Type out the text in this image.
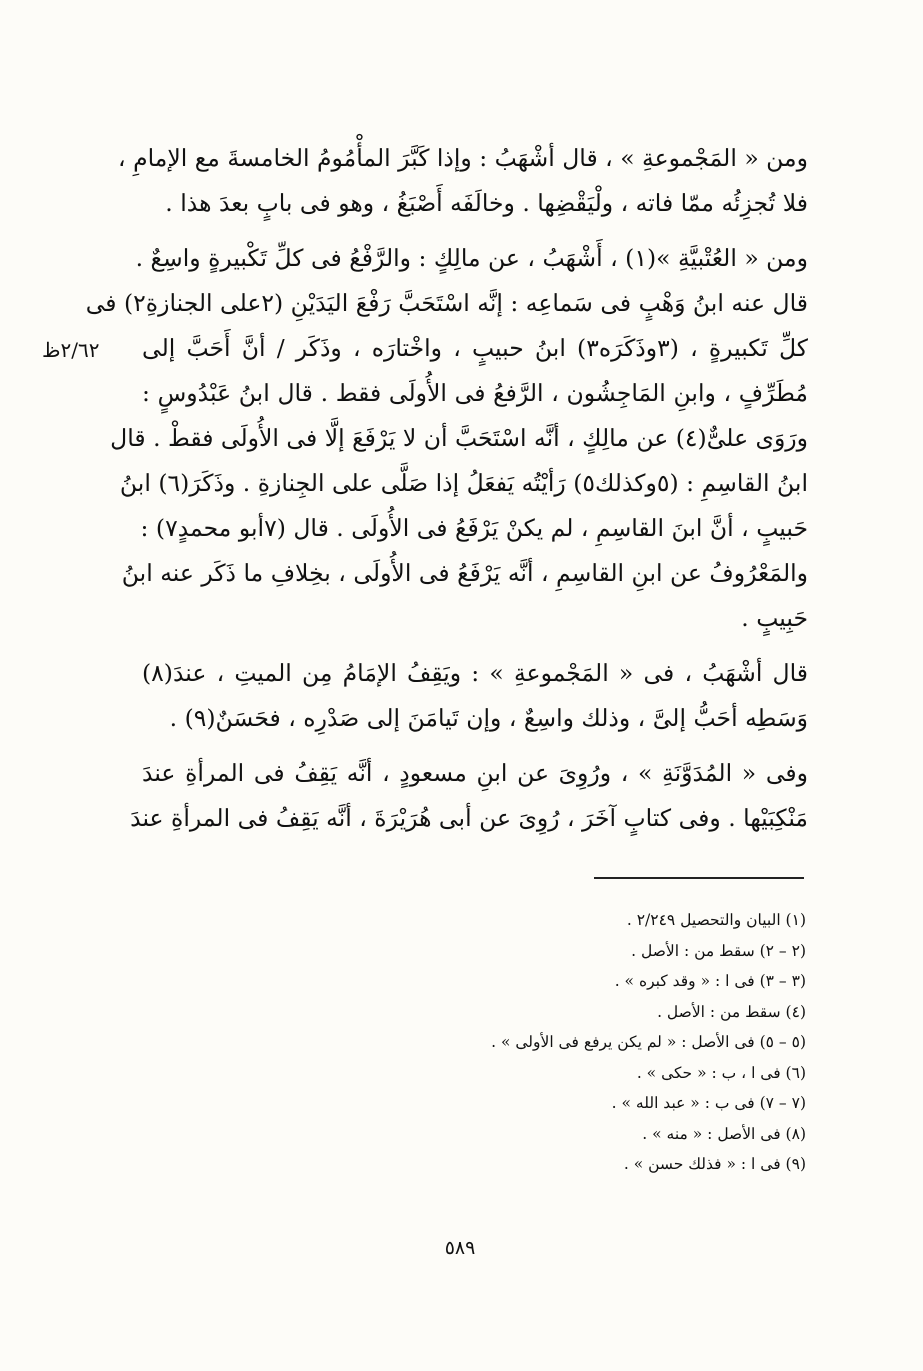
ومن « المَجْموعةِ » ، قال أشْهَبُ : وإذا كَبَّرَ المأْمُومُ الخامسةَ مع الإمامِ ،
فلا تُجزِئُه ممّا فاته ، ولْيَقْضِها . وخالَفَه أَصْبَغُ ، وهو فى بابٍ بعدَ هذا .
ومن « العُتْبيَّةِ »(١) ، أَشْهَبُ ، عن مالِكٍ : والرَّفْعُ فى كلِّ تَكْبيرةٍ واسِعٌ .
قال عنه ابنُ وَهْبٍ فى سَماعِه : إنَّه اسْتَحَبَّ رَفْعَ اليَدَيْنِ (٢على الجنازةِ٢) فى
كلِّ تَكبيرةٍ ، (٣وذَكَرَه٣) ابنُ حبيبٍ ، واخْتارَه ، وذَكَر / أنَّ أَحَبَّ إلى
مُطَرِّفٍ ، وابنِ المَاجِشُون ، الرَّفعُ فى الأُولَى فقط . قال ابنُ عَبْدُوسٍ :
ورَوَى علىٌّ(٤) عن مالِكٍ ، أنَّه اسْتَحَبَّ أن لا يَرْفَعَ إلَّا فى الأُولَى فقطْ . قال
ابنُ القاسِمِ : (٥وكذلك٥) رَأيْتُه يَفعَلُ إذا صَلَّى على الجِنازةِ . وذَكَرَ(٦) ابنُ
حَبيبٍ ، أنَّ ابنَ القاسِمِ ، لم يكنْ يَرْفَعُ فى الأُولَى . قال (٧أبو محمدٍ٧) :
والمَعْرُوفُ عن ابنِ القاسِمِ ، أنَّه يَرْفَعُ فى الأُولَى ، بخِلافِ ما ذَكَر عنه ابنُ
حَبِيبٍ .
قال أشْهَبُ ، فى « المَجْموعةِ » : ويَقِفُ الإمَامُ مِن الميتِ ، عندَ(٨)
وَسَطِه أحَبُّ إلىَّ ، وذلك واسِعٌ ، وإن تَيامَنَ إلى صَدْرِه ، فحَسَنٌ(٩) .
وفى « المُدَوَّنَةِ » ، ورُوِىَ عن ابنِ مسعودٍ ، أنَّه يَقِفُ فى المرأةِ عندَ
مَنْكِبَيْها . وفى كتابٍ آخَرَ ، رُوِىَ عن أبى هُرَيْرَةَ ، أنَّه يَقِفُ فى المرأةِ عندَ
٢/٦٢ظ
(١) البيان والتحصيل ٢/٢٤٩ .
(٢ – ٢) سقط من : الأصل .
(٣ – ٣) فى ا : « وقد كبره » .
(٤) سقط من : الأصل .
(٥ – ٥) فى الأصل : « لم يكن يرفع فى الأولى » .
(٦) فى ا ، ب : « حكى » .
(٧ – ٧) فى ب : « عبد الله » .
(٨) فى الأصل : « منه » .
(٩) فى ا : « فذلك حسن » .
٥٨٩
